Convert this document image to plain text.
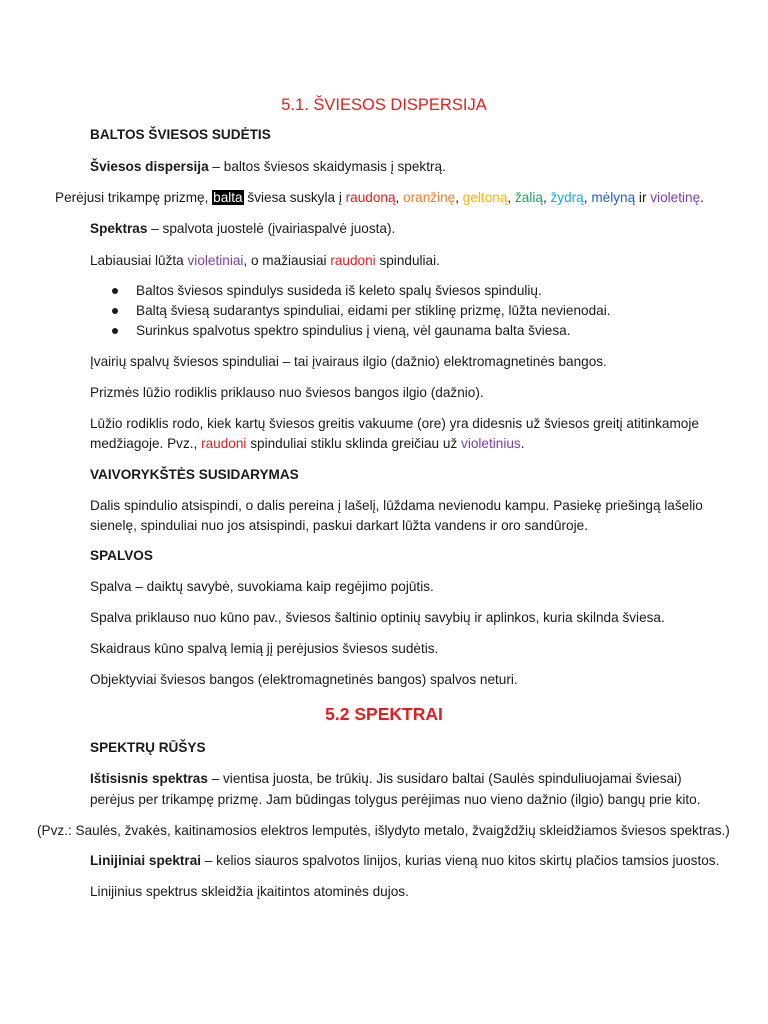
5.1. ŠVIESOS DISPERSIJA
BALTOS ŠVIESOS SUDĖTIS
Šviesos dispersija – baltos šviesos skaidymasis į spektrą.
Perėjusi trikampę prizmę, balta šviesa suskyla į raudoną, oranžinę, geltoną, žalią, žydrą, mėlyną ir violetinę.
Spektras – spalvota juostelė (įvairiaspalvė juosta).
Labiausiai lūžta violetiniai, o mažiausiai raudoni spinduliai.
Baltos šviesos spindulys susideda iš keleto spalų šviesos spindulių.
Baltą šviesą sudarantys spinduliai, eidami per stiklinę prizmę, lūžta nevienodai.
Surinkus spalvotus spektro spindulius į vieną, vėl gaunama balta šviesa.
Įvairių spalvų šviesos spinduliai – tai įvairaus ilgio (dažnio) elektromagnetinės bangos.
Prizmės lūžio rodiklis priklauso nuo šviesos bangos ilgio (dažnio).
Lūžio rodiklis rodo, kiek kartų šviesos greitis vakuume (ore) yra didesnis už šviesos greitį atitinkamoje
medžiagoje. Pvz., raudoni spinduliai stiklu sklinda greičiau už violetinius.
VAIVORYKŠTĖS SUSIDARYMAS
Dalis spindulio atsispindi, o dalis pereina į lašelį, lūždama nevienodu kampu. Pasiekę priešingą lašelio
sienelę, spinduliai nuo jos atsispindi, paskui darkart lūžta vandens ir oro sandūroje.
SPALVOS
Spalva – daiktų savybė, suvokiama kaip regėjimo pojūtis.
Spalva priklauso nuo kūno pav., šviesos šaltinio optinių savybių ir aplinkos, kuria skilnda šviesa.
Skaidraus kūno spalvą lemią jį perėjusios šviesos sudėtis.
Objektyviai šviesos bangos (elektromagnetinės bangos) spalvos neturi.
5.2 SPEKTRAI
SPEKTRŲ RŪŠYS
Ištisisnis spektras – vientisa juosta, be trūkių. Jis susidaro baltai (Saulės spinduliuojamai šviesai)
perėjus per trikampę prizmę. Jam būdingas tolygus perėjimas nuo vieno dažnio (ilgio) bangų prie kito.
(Pvz.: Saulės, žvakės, kaitinamosios elektros lemputės, išlydyto metalo, žvaigždžių skleidžiamos šviesos spektras.)
Linijiniai spektrai – kelios siauros spalvotos linijos, kurias vieną nuo kitos skirtų plačios tamsios juostos.
Linijinius spektrus skleidžia įkaitintos atominės dujos.
